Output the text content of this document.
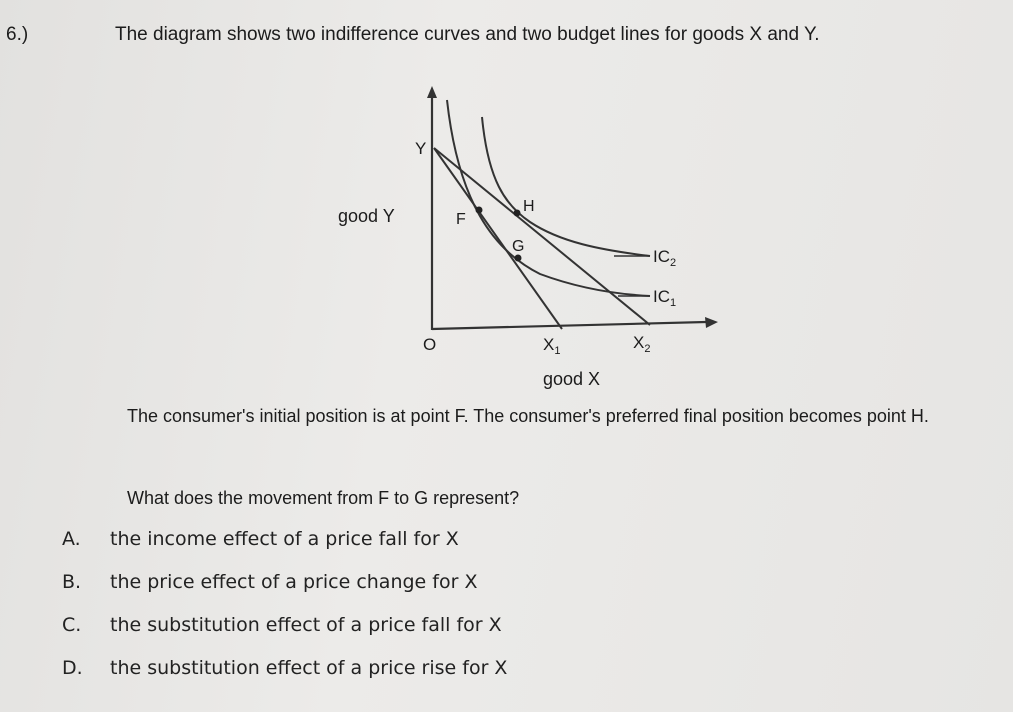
6.)	The diagram shows two indifference curves and two budget lines for goods X and Y.
Y
good Y	F
H
G
$IC_2$
$IC_1$
O	$X_1$	$X_2$
good X
The consumer's initial position is at point F. The consumer's preferred final position becomes point H.
What does the movement from F to G represent?
A. the income effect of a price fall for X
B. the price effect of a price change for X
C. the substitution effect of a price fall for X
D. the substitution effect of a price rise for X
